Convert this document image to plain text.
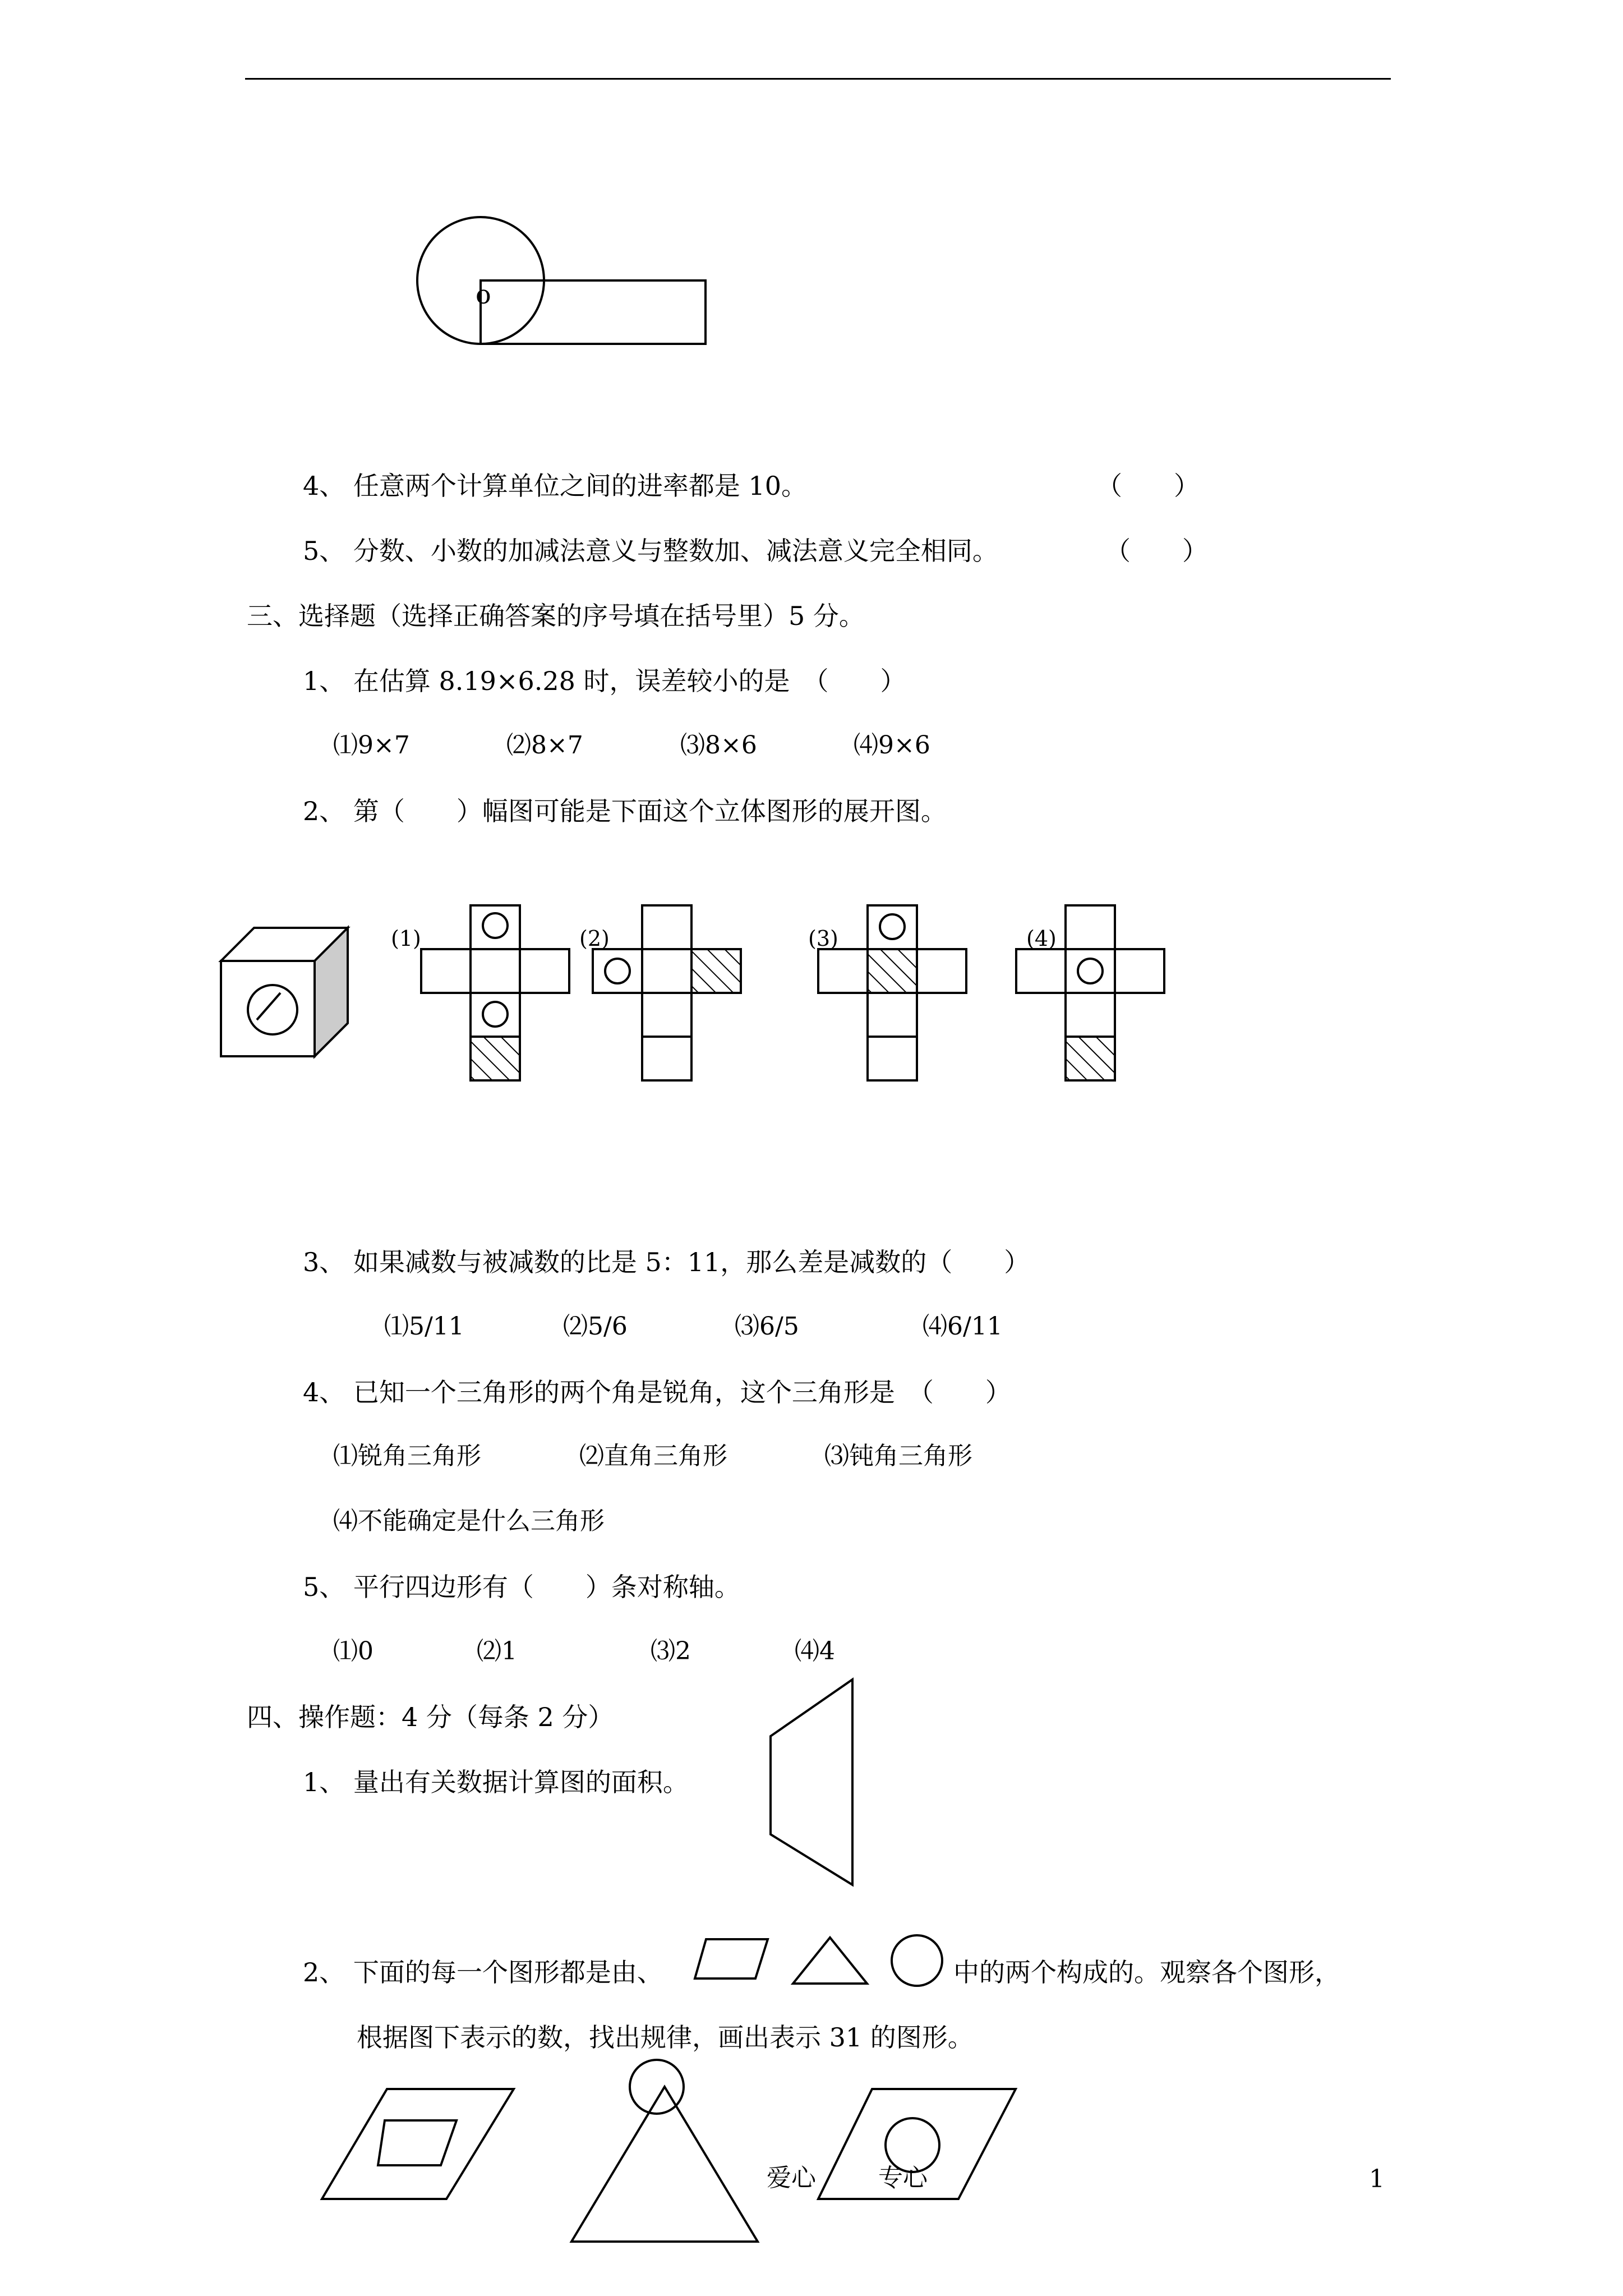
o
4、 任意两个计算单位之间的进率都是 10。	（　　）
5、 分数、小数的加减法意义与整数加、减法意义完全相同。	（　　）
三、选择题（选择正确答案的序号填在括号里）5 分。
1、 在估算 8.19×6.28 时，误差较小的是　（　　）
⑴9×7	⑵8×7	⑶8×6	⑷9×6
2、 第（　　）幅图可能是下面这个立体图形的展开图。
(1)	(2)	(3)	(4)
3、 如果减数与被减数的比是 5：11，那么差是减数的（　　）
⑴5/11	⑵5/6	⑶6/5	⑷6/11
4、 已知一个三角形的两个角是锐角，这个三角形是　（　　）
⑴锐角三角形	⑵直角三角形	⑶钝角三角形
⑷不能确定是什么三角形
5、 平行四边形有（　　）条对称轴。
⑴0	⑵1	⑶2	⑷4
四、操作题：4 分（每条 2 分）
1、 量出有关数据计算图的面积。
2、 下面的每一个图形都是由、	中的两个构成的。观察各个图形，
根据图下表示的数，找出规律，画出表示 31 的图形。
爱心	专心	1
